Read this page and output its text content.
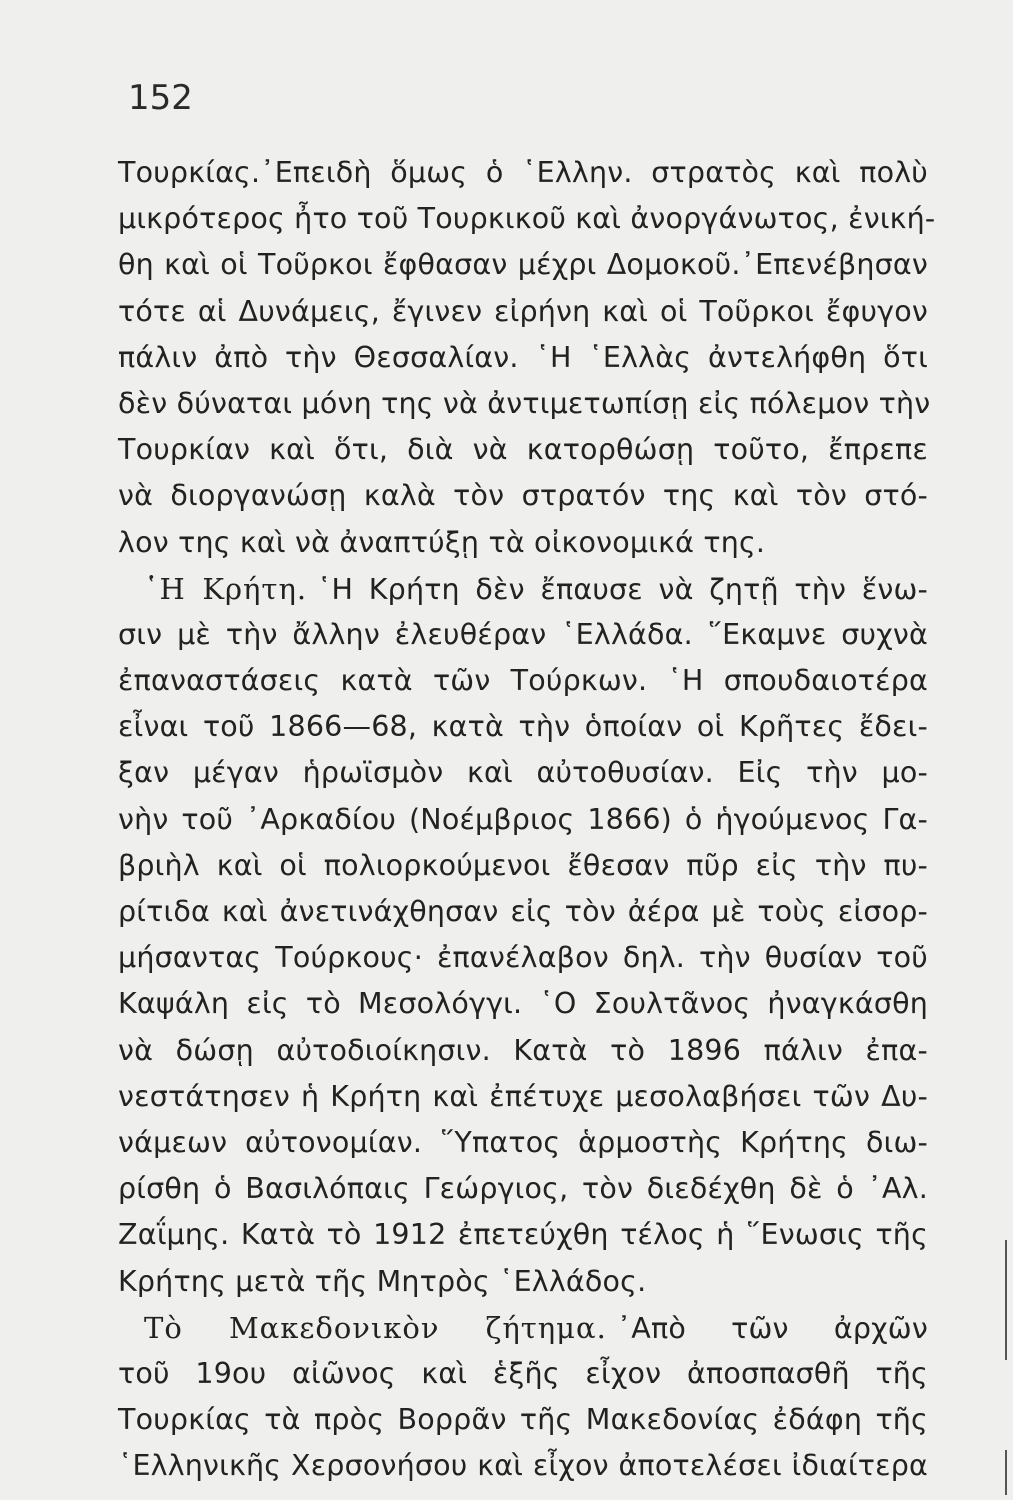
152
Τουρκίας.᾿Επειδὴ ὅμως ὁ ῾Ελλην. στρατὸς καὶ πολὺ
μικρότερος ἦτο τοῦ Τουρκικοῦ καὶ ἀνοργάνωτος, ἐνική-
θη καὶ οἱ Τοῦρκοι ἔφθασαν μέχρι Δομοκοῦ.᾿Επενέβησαν
τότε αἱ Δυνάμεις, ἔγινεν εἰρήνη καὶ οἱ Τοῦρκοι ἔφυγον
πάλιν ἀπὸ τὴν Θεσσαλίαν. ῾Η ῾Ελλὰς ἀντελήφθη ὅτι
δὲν δύναται μόνη της νὰ ἀντιμετωπίσῃ εἰς πόλεμον τὴν
Τουρκίαν καὶ ὅτι, διὰ νὰ κατορθώσῃ τοῦτο, ἔπρεπε
νὰ διοργανώσῃ καλὰ τὸν στρατόν της καὶ τὸν στό-
λον της καὶ νὰ ἀναπτύξῃ τὰ οἰκονομικά της.
῾Η Κρήτη. ῾Η Κρήτη δὲν ἔπαυσε νὰ ζητῇ τὴν ἕνω-
σιν μὲ τὴν ἄλλην ἐλευθέραν ῾Ελλάδα. ῞Εκαμνε συχνὰ
ἐπαναστάσεις κατὰ τῶν Τούρκων. ῾Η σπουδαιοτέρα
εἶναι τοῦ 1866—68, κατὰ τὴν ὁποίαν οἱ Κρῆτες ἔδει-
ξαν μέγαν ἡρωϊσμὸν καὶ αὐτοθυσίαν. Εἰς τὴν μο-
νὴν τοῦ ᾿Αρκαδίου (Νοέμβριος 1866) ὁ ἡγούμενος Γα-
βριὴλ καὶ οἱ πολιορκούμενοι ἔθεσαν πῦρ εἰς τὴν πυ-
ρίτιδα καὶ ἀνετινάχθησαν εἰς τὸν ἀέρα μὲ τοὺς εἰσορ-
μήσαντας Τούρκους· ἐπανέλαβον δηλ. τὴν θυσίαν τοῦ
Καψάλη εἰς τὸ Μεσολόγγι. ῾Ο Σουλτᾶνος ἠναγκάσθη
νὰ δώσῃ αὐτοδιοίκησιν. Κατὰ τὸ 1896 πάλιν ἐπα-
νεστάτησεν ἡ Κρήτη καὶ ἐπέτυχε μεσολαβήσει τῶν Δυ-
νάμεων αὐτονομίαν. ῞Υπατος ἁρμοστὴς Κρήτης διω-
ρίσθη ὁ Βασιλόπαις Γεώργιος, τὸν διεδέχθη δὲ ὁ ᾿Αλ.
Ζαΐμης. Κατὰ τὸ 1912 ἐπετεύχθη τέλος ἡ ῞Ενωσις τῆς
Κρήτης μετὰ τῆς Μητρὸς ῾Ελλάδος.
Τὸ Μακεδονικὸν ζήτημα. ᾿Απὸ τῶν ἀρχῶν
τοῦ 19ου αἰῶνος καὶ ἑξῆς εἶχον ἀποσπασθῆ τῆς
Τουρκίας τὰ πρὸς Βορρᾶν τῆς Μακεδονίας ἐδάφη τῆς
῾Ελληνικῆς Χερσονήσου καὶ εἶχον ἀποτελέσει ἰδιαίτερα
